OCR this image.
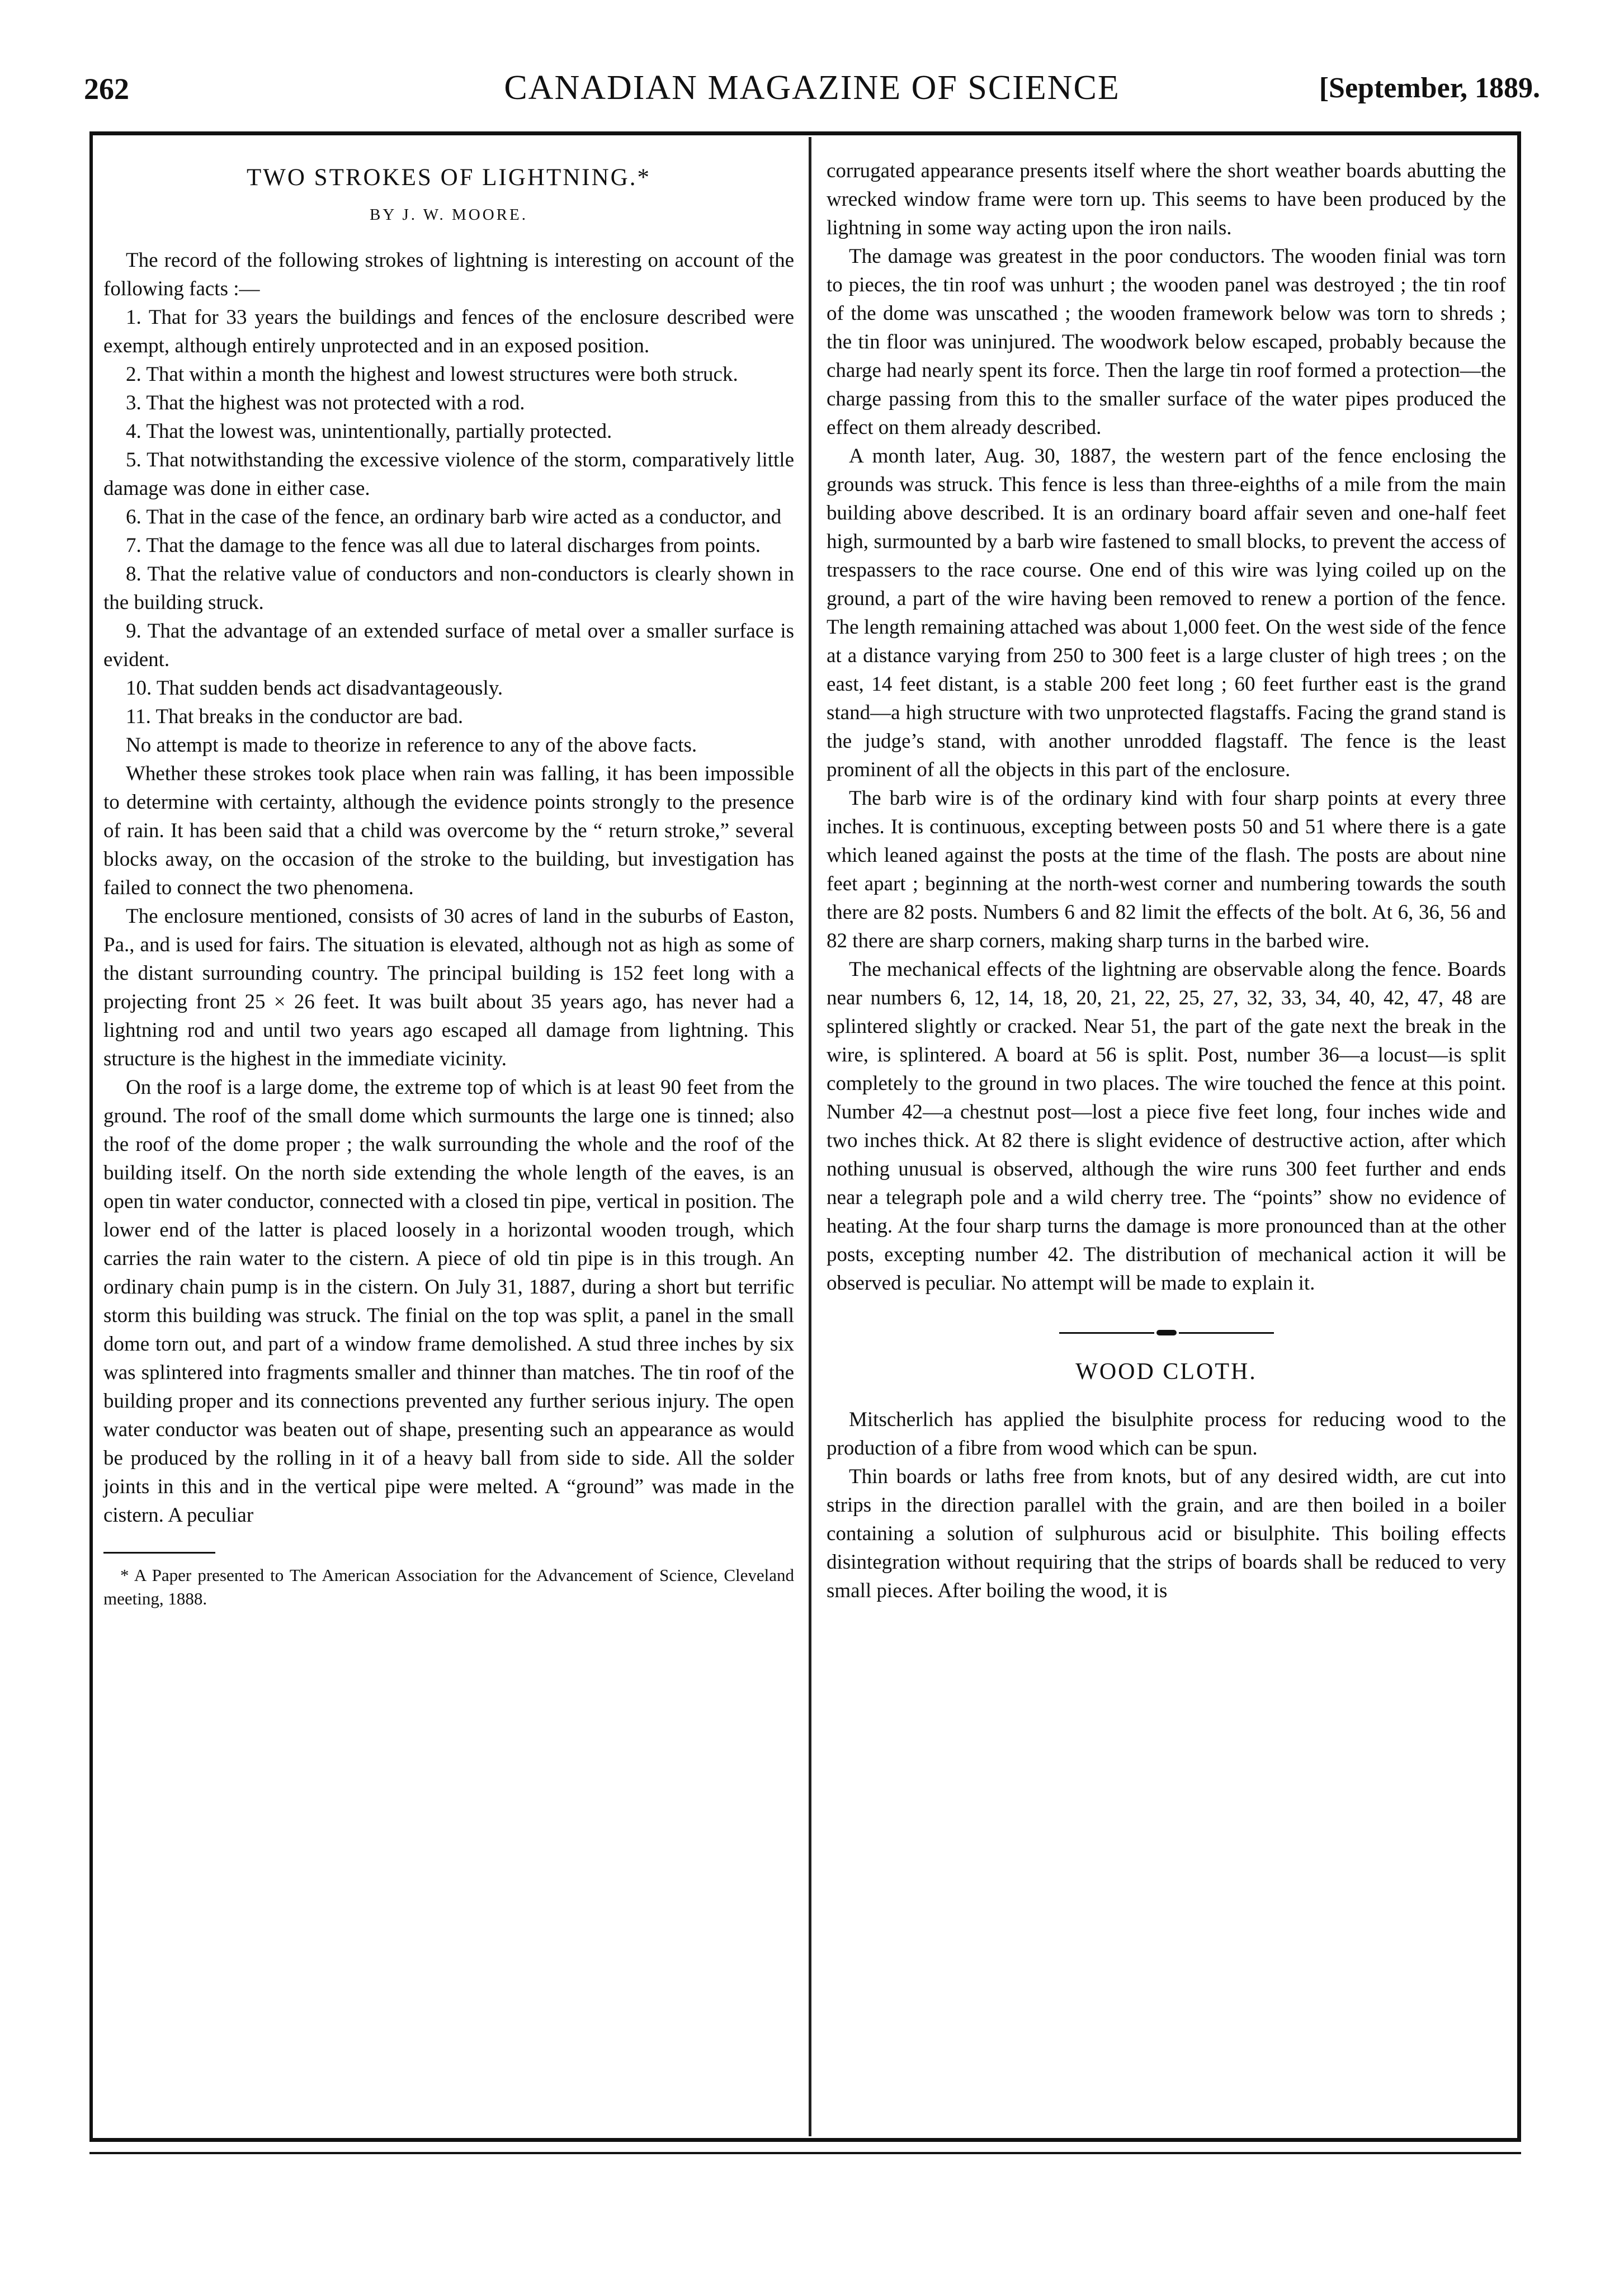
262	CANADIAN MAGAZINE OF SCIENCE	[September, 1889.
TWO STROKES OF LIGHTNING.*
BY J. W. MOORE.

The record of the following strokes of lightning is interesting on account of the following facts :—

1. That for 33 years the buildings and fences of the enclosure described were exempt, although entirely unprotected and in an exposed position.
2. That within a month the highest and lowest structures were both struck.
3. That the highest was not protected with a rod.
4. That the lowest was, unintentionally, partially protected.
5. That notwithstanding the excessive violence of the storm, comparatively little damage was done in either case.
6. That in the case of the fence, an ordinary barb wire acted as a conductor, and
7. That the damage to the fence was all due to lateral discharges from points.
8. That the relative value of conductors and non-conductors is clearly shown in the building struck.
9. That the advantage of an extended surface of metal over a smaller surface is evident.
10. That sudden bends act disadvantageously.
11. That breaks in the conductor are bad.

No attempt is made to theorize in reference to any of the above facts.

Whether these strokes took place when rain was falling, it has been impossible to determine with certainty, although the evidence points strongly to the presence of rain. It has been said that a child was overcome by the “ return stroke,” several blocks away, on the occasion of the stroke to the building, but investigation has failed to connect the two phenomena.

The enclosure mentioned, consists of 30 acres of land in the suburbs of Easton, Pa., and is used for fairs. The situation is elevated, although not as high as some of the distant surrounding country. The principal building is 152 feet long with a projecting front 25 × 26 feet. It was built about 35 years ago, has never had a lightning rod and until two years ago escaped all damage from lightning. This structure is the highest in the immediate vicinity.

On the roof is a large dome, the extreme top of which is at least 90 feet from the ground. The roof of the small dome which surmounts the large one is tinned; also the roof of the dome proper ; the walk surrounding the whole and the roof of the building itself. On the north side extending the whole length of the eaves, is an open tin water conductor, connected with a closed tin pipe, vertical in position. The lower end of the latter is placed loosely in a horizontal wooden trough, which carries the rain water to the cistern. A piece of old tin pipe is in this trough. An ordinary chain pump is in the cistern. On July 31, 1887, during a short but terrific storm this building was struck. The finial on the top was split, a panel in the small dome torn out, and part of a window frame demolished. A stud three inches by six was splintered into fragments smaller and thinner than matches. The tin roof of the building proper and its connections prevented any further serious injury. The open water conductor was beaten out of shape, presenting such an appearance as would be produced by the rolling in it of a heavy ball from side to side. All the solder joints in this and in the vertical pipe were melted. A “ground” was made in the cistern. A peculiar

* A Paper presented to The American Association for the Advancement of Science, Cleveland meeting, 1888.

corrugated appearance presents itself where the short weather boards abutting the wrecked window frame were torn up. This seems to have been produced by the lightning in some way acting upon the iron nails.

The damage was greatest in the poor conductors. The wooden finial was torn to pieces, the tin roof was unhurt ; the wooden panel was destroyed ; the tin roof of the dome was unscathed ; the wooden framework below was torn to shreds ; the tin floor was uninjured. The woodwork below escaped, probably because the charge had nearly spent its force. Then the large tin roof formed a protection—the charge passing from this to the smaller surface of the water pipes produced the effect on them already described.

A month later, Aug. 30, 1887, the western part of the fence enclosing the grounds was struck. This fence is less than three-eighths of a mile from the main building above described. It is an ordinary board affair seven and one-half feet high, surmounted by a barb wire fastened to small blocks, to prevent the access of trespassers to the race course. One end of this wire was lying coiled up on the ground, a part of the wire having been removed to renew a portion of the fence. The length remaining attached was about 1,000 feet. On the west side of the fence at a distance varying from 250 to 300 feet is a large cluster of high trees ; on the east, 14 feet distant, is a stable 200 feet long ; 60 feet further east is the grand stand—a high structure with two unprotected flagstaffs. Facing the grand stand is the judge’s stand, with another unrodded flagstaff. The fence is the least prominent of all the objects in this part of the enclosure.

The barb wire is of the ordinary kind with four sharp points at every three inches. It is continuous, excepting between posts 50 and 51 where there is a gate which leaned against the posts at the time of the flash. The posts are about nine feet apart ; beginning at the north-west corner and numbering towards the south there are 82 posts. Numbers 6 and 82 limit the effects of the bolt. At 6, 36, 56 and 82 there are sharp corners, making sharp turns in the barbed wire.

The mechanical effects of the lightning are observable along the fence. Boards near numbers 6, 12, 14, 18, 20, 21, 22, 25, 27, 32, 33, 34, 40, 42, 47, 48 are splintered slightly or cracked. Near 51, the part of the gate next the break in the wire, is splintered. A board at 56 is split. Post, number 36—a locust—is split completely to the ground in two places. The wire touched the fence at this point. Number 42—a chestnut post—lost a piece five feet long, four inches wide and two inches thick. At 82 there is slight evidence of destructive action, after which nothing unusual is observed, although the wire runs 300 feet further and ends near a telegraph pole and a wild cherry tree. The “points” show no evidence of heating. At the four sharp turns the damage is more pronounced than at the other posts, excepting number 42. The distribution of mechanical action it will be observed is peculiar. No attempt will be made to explain it.

WOOD CLOTH.

Mitscherlich has applied the bisulphite process for reducing wood to the production of a fibre from wood which can be spun.

Thin boards or laths free from knots, but of any desired width, are cut into strips in the direction parallel with the grain, and are then boiled in a boiler containing a solution of sulphurous acid or bisulphite. This boiling effects disintegration without requiring that the strips of boards shall be reduced to very small pieces. After boiling the wood, it is
